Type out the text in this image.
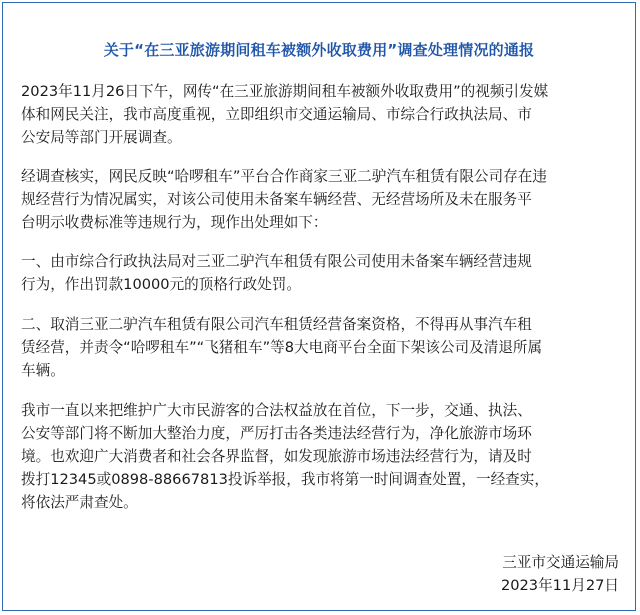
关于“在三亚旅游期间租车被额外收取费用”调查处理情况的通报

2023年11月26日下午，网传“在三亚旅游期间租车被额外收取费用”的视频引发媒
体和网民关注，我市高度重视，立即组织市交通运输局、市综合行政执法局、市
公安局等部门开展调查。

经调查核实，网民反映“哈啰租车”平台合作商家三亚二驴汽车租赁有限公司存在违
规经营行为情况属实，对该公司使用未备案车辆经营、无经营场所及未在服务平
台明示收费标准等违规行为，现作出处理如下：

一、由市综合行政执法局对三亚二驴汽车租赁有限公司使用未备案车辆经营违规
行为，作出罚款10000元的顶格行政处罚。

二、取消三亚二驴汽车租赁有限公司汽车租赁经营备案资格，不得再从事汽车租
赁经营，并责令“哈啰租车”“飞猪租车”等8大电商平台全面下架该公司及清退所属
车辆。

我市一直以来把维护广大市民游客的合法权益放在首位，下一步，交通、执法、
公安等部门将不断加大整治力度，严厉打击各类违法经营行为，净化旅游市场环
境。也欢迎广大消费者和社会各界监督，如发现旅游市场违法经营行为，请及时
拨打12345或0898-88667813投诉举报，我市将第一时间调查处置，一经查实，
将依法严肃查处。

三亚市交通运输局
2023年11月27日
